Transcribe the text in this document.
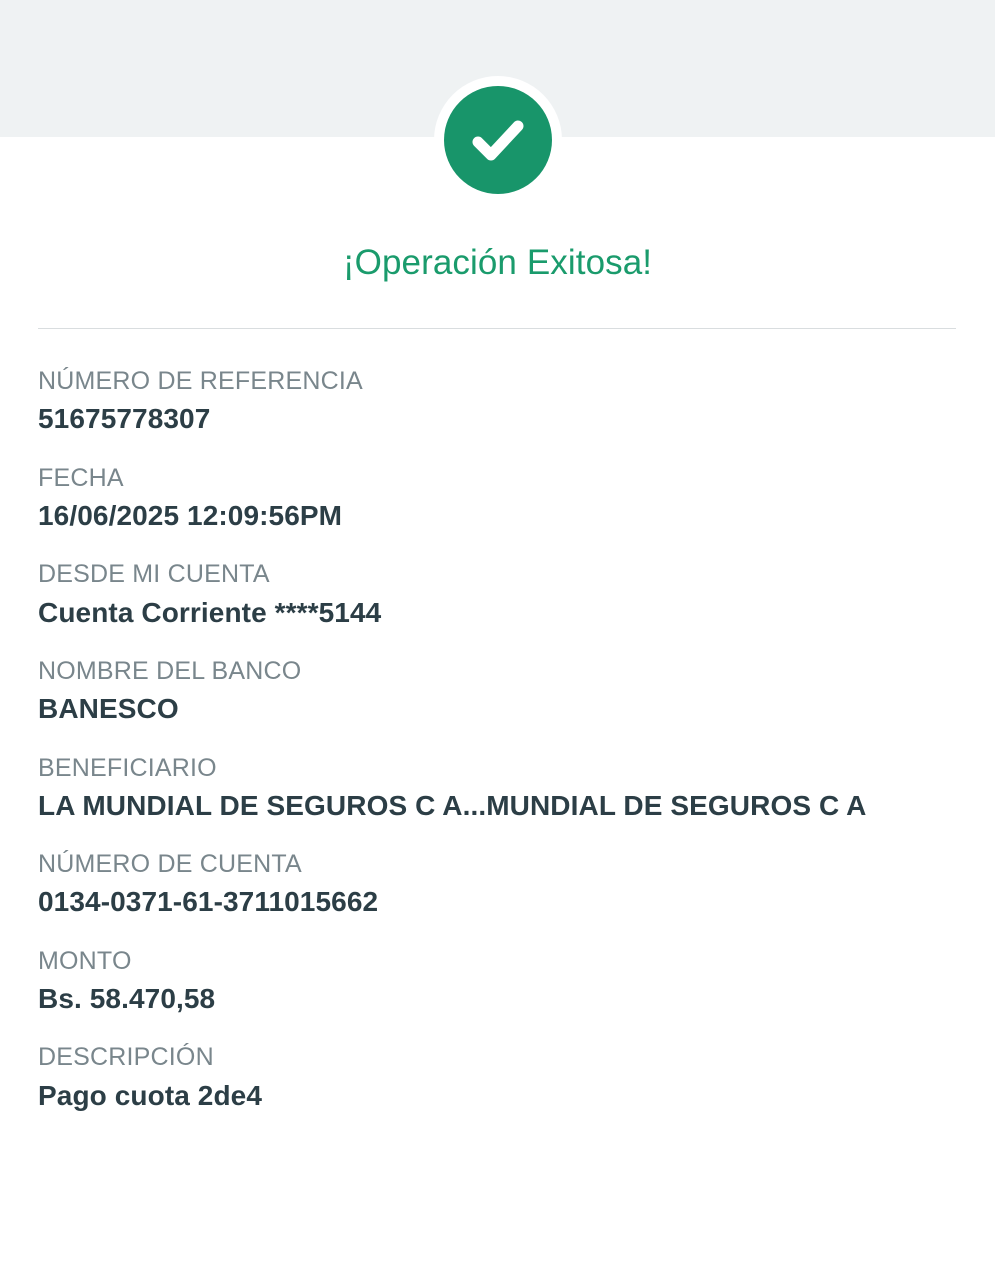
¡Operación Exitosa!
NÚMERO DE REFERENCIA
51675778307
FECHA
16/06/2025 12:09:56PM
DESDE MI CUENTA
Cuenta Corriente ****5144
NOMBRE DEL BANCO
BANESCO
BENEFICIARIO
LA MUNDIAL DE SEGUROS C A...MUNDIAL DE SEGUROS C A
NÚMERO DE CUENTA
0134-0371-61-3711015662
MONTO
Bs. 58.470,58
DESCRIPCIÓN
Pago cuota 2de4
